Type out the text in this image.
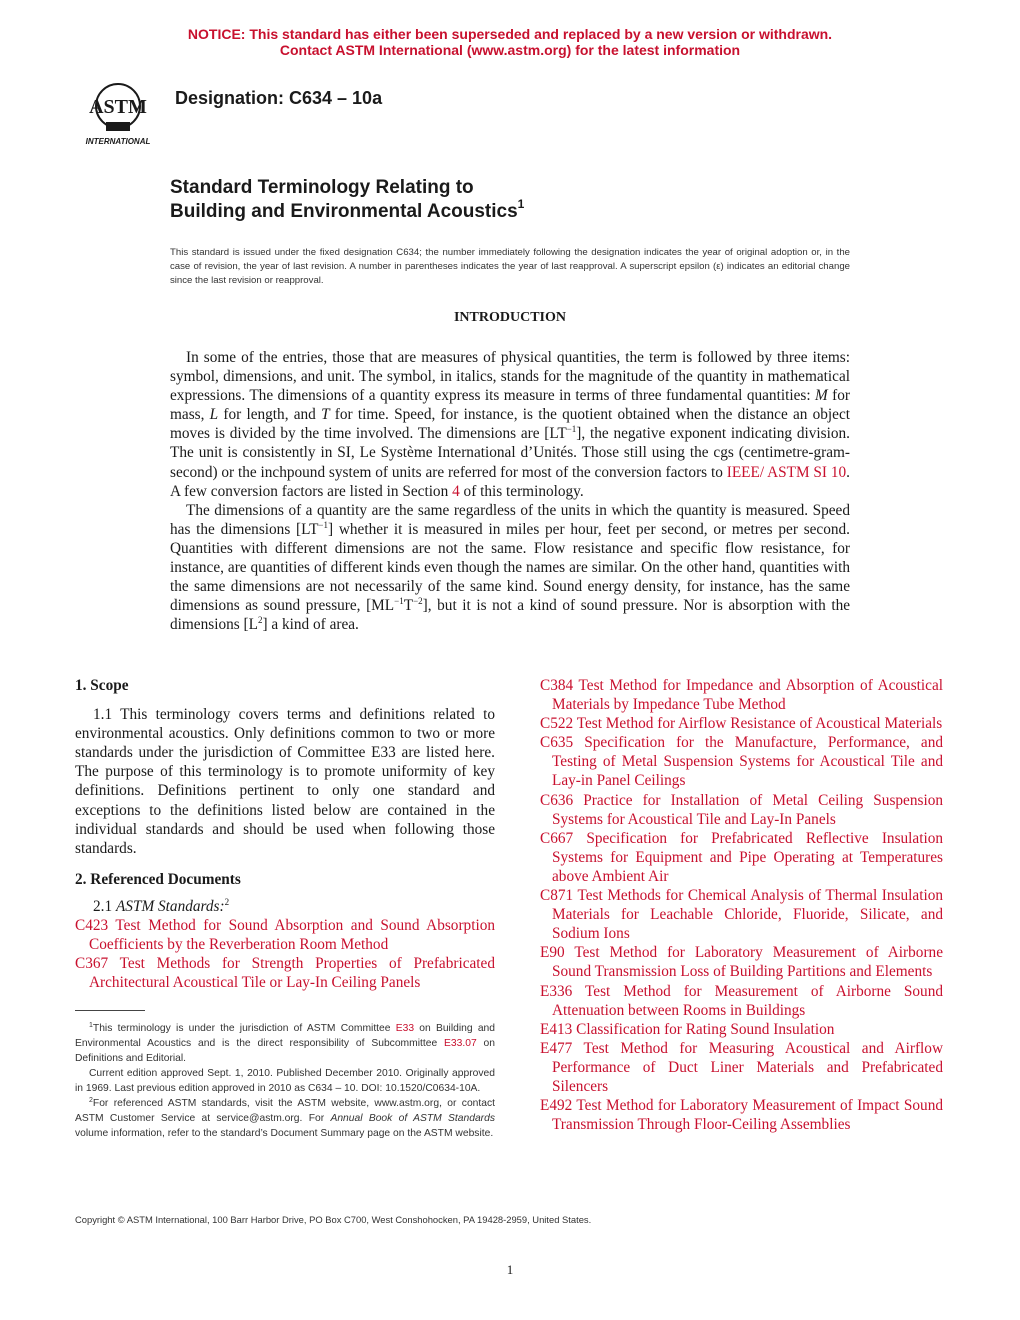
NOTICE: This standard has either been superseded and replaced by a new version or withdrawn.
Contact ASTM International (www.astm.org) for the latest information
ASTM
INTERNATIONAL
Designation: C634 – 10a
Standard Terminology Relating to
Building and Environmental Acoustics$^1$
This standard is issued under the fixed designation C634; the number immediately following the designation indicates the year of original adoption or, in the case of revision, the year of last revision. A number in parentheses indicates the year of last reapproval. A superscript epsilon (ε) indicates an editorial change since the last revision or reapproval.
INTRODUCTION

In some of the entries, those that are measures of physical quantities, the term is followed by three items: symbol, dimensions, and unit. The symbol, in italics, stands for the magnitude of the quantity in mathematical expressions. The dimensions of a quantity express its measure in terms of three fundamental quantities: M for mass, L for length, and T for time. Speed, for instance, is the quotient obtained when the distance an object moves is divided by the time involved. The dimensions are $[LT^{-1}]$, the negative exponent indicating division. The unit is consistently in SI, Le Système International d’Unités. Those still using the cgs (centimetre-gram-second) or the inchpound system of units are referred for most of the conversion factors to IEEE/ ASTM SI 10. A few conversion factors are listed in Section 4 of this terminology.

The dimensions of a quantity are the same regardless of the units in which the quantity is measured. Speed has the dimensions $[LT^{-1}]$ whether it is measured in miles per hour, feet per second, or metres per second. Quantities with different dimensions are not the same. Flow resistance and specific flow resistance, for instance, are quantities of different kinds even though the names are similar. On the other hand, quantities with the same dimensions are not necessarily of the same kind. Sound energy density, for instance, has the same dimensions as sound pressure, $[ML^{-1}T^{-2}]$, but it is not a kind of sound pressure. Nor is absorption with the dimensions $[L^2]$ a kind of area.

1. Scope

1.1 This terminology covers terms and definitions related to environmental acoustics. Only definitions common to two or more standards under the jurisdiction of Committee E33 are listed here. The purpose of this terminology is to promote uniformity of key definitions. Definitions pertinent to only one standard and exceptions to the definitions listed below are contained in the individual standards and should be used when following those standards.

2. Referenced Documents

2.1 ASTM Standards:$^2$

C423 Test Method for Sound Absorption and Sound Absorption Coefficients by the Reverberation Room Method
C367 Test Methods for Strength Properties of Prefabricated Architectural Acoustical Tile or Lay-In Ceiling Panels

$^1$This terminology is under the jurisdiction of ASTM Committee E33 on Building and Environmental Acoustics and is the direct responsibility of Subcommittee E33.07 on Definitions and Editorial.

Current edition approved Sept. 1, 2010. Published December 2010. Originally approved in 1969. Last previous edition approved in 2010 as C634 – 10. DOI: 10.1520/C0634-10A.

$^2$For referenced ASTM standards, visit the ASTM website, www.astm.org, or contact ASTM Customer Service at service@astm.org. For Annual Book of ASTM Standards volume information, refer to the standard’s Document Summary page on the ASTM website.

C384 Test Method for Impedance and Absorption of Acoustical Materials by Impedance Tube Method
C522 Test Method for Airflow Resistance of Acoustical Materials
C635 Specification for the Manufacture, Performance, and Testing of Metal Suspension Systems for Acoustical Tile and Lay-in Panel Ceilings
C636 Practice for Installation of Metal Ceiling Suspension Systems for Acoustical Tile and Lay-In Panels
C667 Specification for Prefabricated Reflective Insulation Systems for Equipment and Pipe Operating at Temperatures above Ambient Air
C871 Test Methods for Chemical Analysis of Thermal Insulation Materials for Leachable Chloride, Fluoride, Silicate, and Sodium Ions
E90 Test Method for Laboratory Measurement of Airborne Sound Transmission Loss of Building Partitions and Elements
E336 Test Method for Measurement of Airborne Sound Attenuation between Rooms in Buildings
E413 Classification for Rating Sound Insulation
E477 Test Method for Measuring Acoustical and Airflow Performance of Duct Liner Materials and Prefabricated Silencers
E492 Test Method for Laboratory Measurement of Impact Sound Transmission Through Floor-Ceiling Assemblies
Copyright © ASTM International, 100 Barr Harbor Drive, PO Box C700, West Conshohocken, PA 19428-2959, United States.
1
